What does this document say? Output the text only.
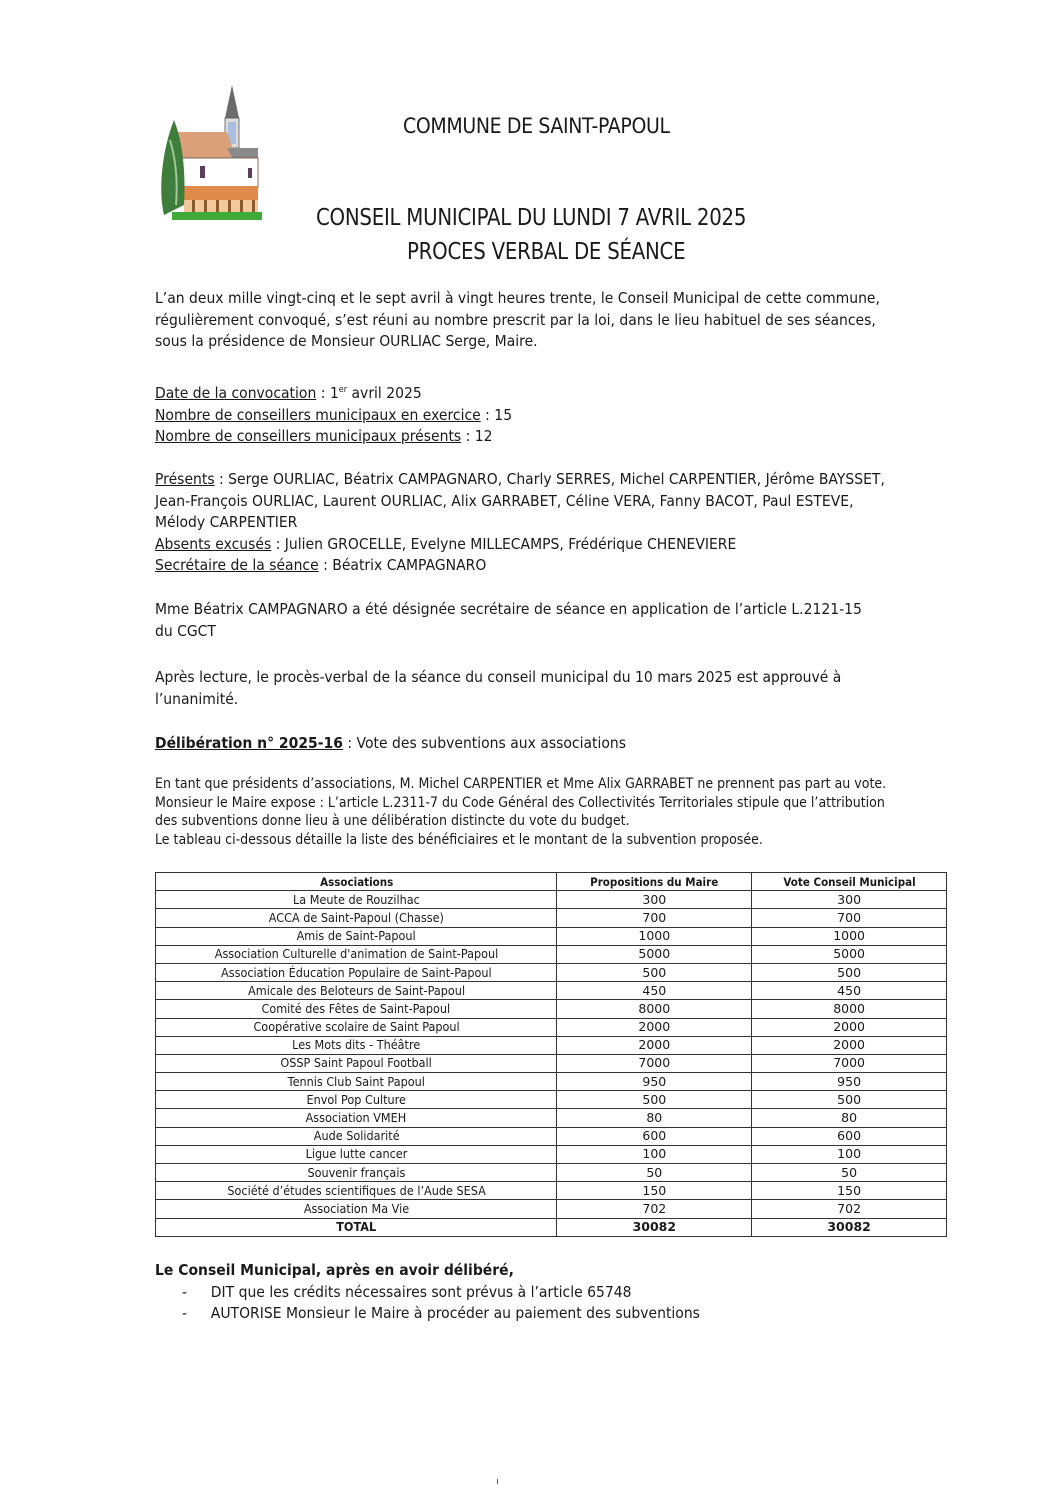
COMMUNE DE SAINT-PAPOUL
CONSEIL MUNICIPAL DU LUNDI 7 AVRIL 2025
PROCES VERBAL DE SÉANCE
L’an deux mille vingt-cinq et le sept avril à vingt heures trente, le Conseil Municipal de cette commune,
régulièrement convoqué, s’est réuni au nombre prescrit par la loi, dans le lieu habituel de ses séances,
sous la présidence de Monsieur OURLIAC Serge, Maire.
Date de la convocation : 1er avril 2025
Nombre de conseillers municipaux en exercice : 15
Nombre de conseillers municipaux présents : 12
Présents : Serge OURLIAC, Béatrix CAMPAGNARO, Charly SERRES, Michel CARPENTIER, Jérôme BAYSSET,
Jean-François OURLIAC, Laurent OURLIAC, Alix GARRABET, Céline VERA, Fanny BACOT, Paul ESTEVE,
Mélody CARPENTIER
Absents excusés : Julien GROCELLE, Evelyne MILLECAMPS, Frédérique CHENEVIERE
Secrétaire de la séance : Béatrix CAMPAGNARO
Mme Béatrix CAMPAGNARO a été désignée secrétaire de séance en application de l’article L.2121-15
du CGCT
Après lecture, le procès-verbal de la séance du conseil municipal du 10 mars 2025 est approuvé à
l’unanimité.
Délibération n° 2025-16 : Vote des subventions aux associations
En tant que présidents d’associations, M. Michel CARPENTIER et Mme Alix GARRABET ne prennent pas part au vote.
Monsieur le Maire expose : L’article L.2311-7 du Code Général des Collectivités Territoriales stipule que l’attribution
des subventions donne lieu à une délibération distincte du vote du budget.
Le tableau ci-dessous détaille la liste des bénéficiaires et le montant de la subvention proposée.
Associations	Propositions du Maire	Vote Conseil Municipal
La Meute de Rouzilhac	300	300
ACCA de Saint-Papoul (Chasse)	700	700
Amis de Saint-Papoul	1000	1000
Association Culturelle d'animation de Saint-Papoul	5000	5000
Association Éducation Populaire de Saint-Papoul	500	500
Amicale des Beloteurs de Saint-Papoul	450	450
Comité des Fêtes de Saint-Papoul	8000	8000
Coopérative scolaire de Saint Papoul	2000	2000
Les Mots dits - Théâtre	2000	2000
OSSP Saint Papoul Football	7000	7000
Tennis Club Saint Papoul	950	950
Envol Pop Culture	500	500
Association VMEH	80	80
Aude Solidarité	600	600
Ligue lutte cancer	100	100
Souvenir français	50	50
Société d’études scientifiques de l’Aude SESA	150	150
Association Ma Vie	702	702
TOTAL	30082	30082
Le Conseil Municipal, après en avoir délibéré,
- DIT que les crédits nécessaires sont prévus à l’article 65748
- AUTORISE Monsieur le Maire à procéder au paiement des subventions
